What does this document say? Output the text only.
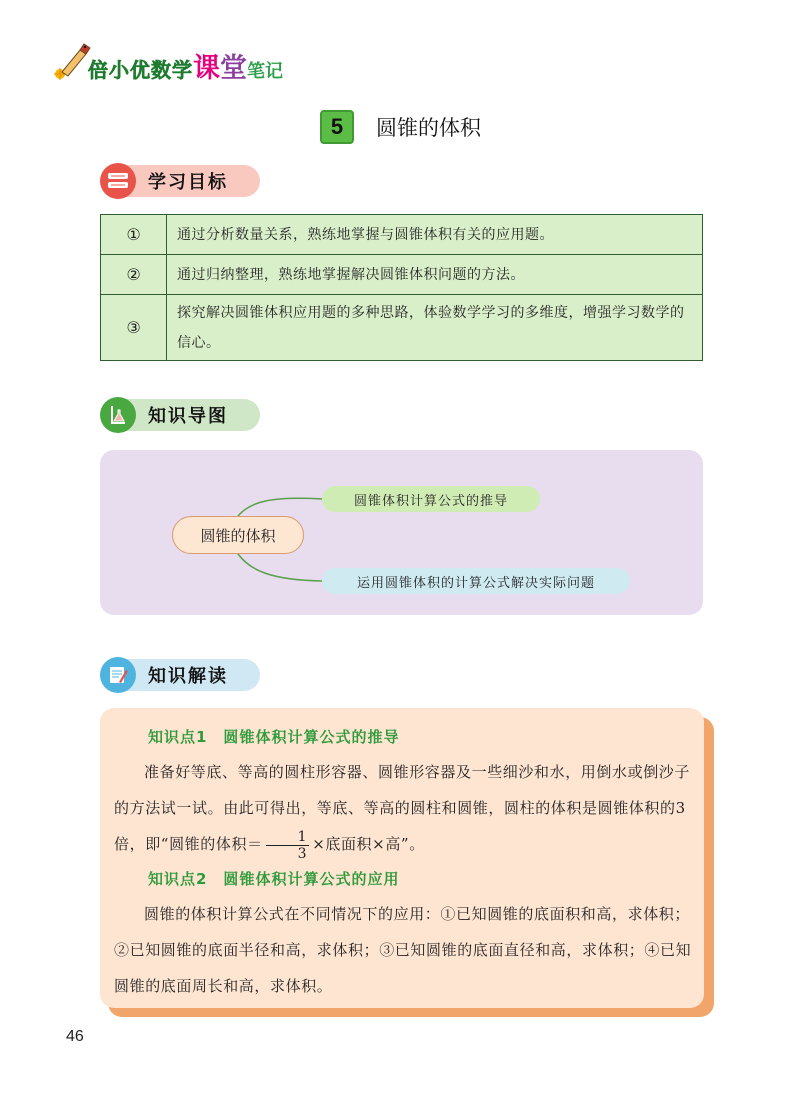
倍小优数学课堂笔记
5	圆锥的体积
学习目标
①	通过分析数量关系，熟练地掌握与圆锥体积有关的应用题。
②	通过归纳整理，熟练地掌握解决圆锥体积问题的方法。
③	探究解决圆锥体积应用题的多种思路，体验数学学习的多维度，增强学习数学的信心。
知识导图
圆锥的体积
圆锥体积计算公式的推导
运用圆锥体积的计算公式解决实际问题
知识解读
知识点1　圆锥体积计算公式的推导
准备好等底、等高的圆柱形容器、圆锥形容器及一些细沙和水，用倒水或倒沙子的方法试一试。由此可得出，等底、等高的圆柱和圆锥，圆柱的体积是圆锥体积的3倍，即“圆锥的体积＝ $\frac{1}{3}$ ×底面积×高”。
知识点2　圆锥体积计算公式的应用
圆锥的体积计算公式在不同情况下的应用：①已知圆锥的底面积和高，求体积；②已知圆锥的底面半径和高，求体积；③已知圆锥的底面直径和高，求体积；④已知圆锥的底面周长和高，求体积。
46
